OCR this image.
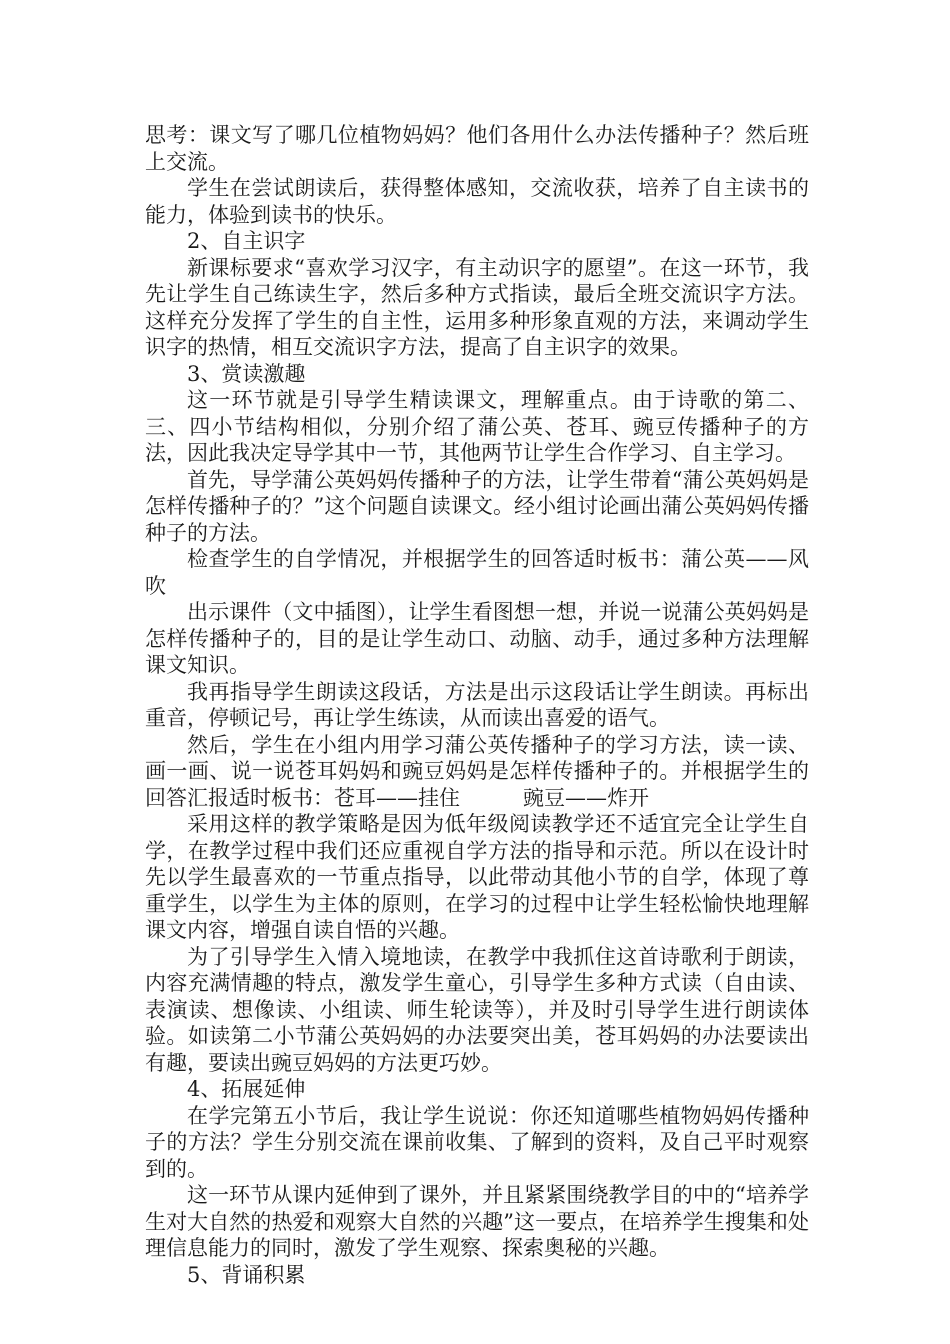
思考：课文写了哪几位植物妈妈？他们各用什么办法传播种子？然后班上交流。

学生在尝试朗读后，获得整体感知，交流收获，培养了自主读书的能力，体验到读书的快乐。

2、自主识字

新课标要求“喜欢学习汉字，有主动识字的愿望”。在这一环节，我先让学生自己练读生字，然后多种方式指读，最后全班交流识字方法。这样充分发挥了学生的自主性，运用多种形象直观的方法，来调动学生识字的热情，相互交流识字方法，提高了自主识字的效果。

3、赏读激趣

这一环节就是引导学生精读课文，理解重点。由于诗歌的第二、三、四小节结构相似，分别介绍了蒲公英、苍耳、豌豆传播种子的方法，因此我决定导学其中一节，其他两节让学生合作学习、自主学习。

首先，导学蒲公英妈妈传播种子的方法，让学生带着“蒲公英妈妈是怎样传播种子的？”这个问题自读课文。经小组讨论画出蒲公英妈妈传播种子的方法。

检查学生的自学情况，并根据学生的回答适时板书：蒲公英——风吹

出示课件（文中插图），让学生看图想一想，并说一说蒲公英妈妈是怎样传播种子的，目的是让学生动口、动脑、动手，通过多种方法理解课文知识。

我再指导学生朗读这段话，方法是出示这段话让学生朗读。再标出重音，停顿记号，再让学生练读，从而读出喜爱的语气。

然后，学生在小组内用学习蒲公英传播种子的学习方法，读一读、画一画、说一说苍耳妈妈和豌豆妈妈是怎样传播种子的。并根据学生的回答汇报适时板书：苍耳——挂住　　　豌豆——炸开

采用这样的教学策略是因为低年级阅读教学还不适宜完全让学生自学，在教学过程中我们还应重视自学方法的指导和示范。所以在设计时先以学生最喜欢的一节重点指导，以此带动其他小节的自学，体现了尊重学生，以学生为主体的原则，在学习的过程中让学生轻松愉快地理解课文内容，增强自读自悟的兴趣。

为了引导学生入情入境地读，在教学中我抓住这首诗歌利于朗读，内容充满情趣的特点，激发学生童心，引导学生多种方式读（自由读、表演读、想像读、小组读、师生轮读等），并及时引导学生进行朗读体验。如读第二小节蒲公英妈妈的办法要突出美，苍耳妈妈的办法要读出有趣，要读出豌豆妈妈的方法更巧妙。

4、拓展延伸

在学完第五小节后，我让学生说说：你还知道哪些植物妈妈传播种子的方法？学生分别交流在课前收集、了解到的资料，及自己平时观察到的。

这一环节从课内延伸到了课外，并且紧紧围绕教学目的中的“培养学生对大自然的热爱和观察大自然的兴趣”这一要点，在培养学生搜集和处理信息能力的同时，激发了学生观察、探索奥秘的兴趣。

5、背诵积累
